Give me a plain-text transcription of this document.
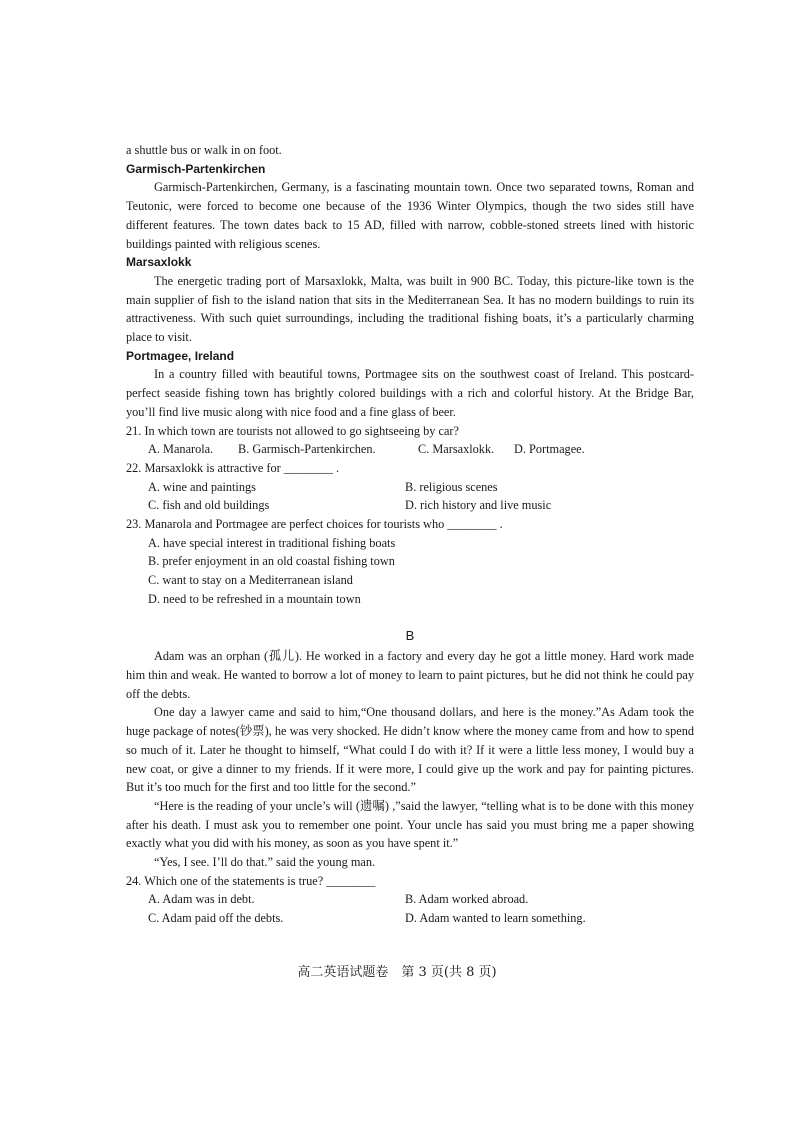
a shuttle bus or walk in on foot.

Garmisch-Partenkirchen

Garmisch-Partenkirchen, Germany, is a fascinating mountain town. Once two separated towns, Roman and Teutonic, were forced to become one because of the 1936 Winter Olympics, though the two sides still have different features. The town dates back to 15 AD, filled with narrow, cobble-stoned streets lined with historic buildings painted with religious scenes.

Marsaxlokk

The energetic trading port of Marsaxlokk, Malta, was built in 900 BC. Today, this picture-like town is the main supplier of fish to the island nation that sits in the Mediterranean Sea. It has no modern buildings to ruin its attractiveness. With such quiet surroundings, including the traditional fishing boats, it’s a particularly charming place to visit.

Portmagee, Ireland

In a country filled with beautiful towns, Portmagee sits on the southwest coast of Ireland. This postcard-perfect seaside fishing town has brightly colored buildings with a rich and colorful history. At the Bridge Bar, you’ll find live music along with nice food and a fine glass of beer.

21. In which town are tourists not allowed to go sightseeing by car?

A. Manarola.	B. Garmisch-Partenkirchen.	C. Marsaxlokk.	D. Portmagee.

22. Marsaxlokk is attractive for ________ .

A. wine and paintings	B. religious scenes
C. fish and old buildings	D. rich history and live music

23. Manarola and Portmagee are perfect choices for tourists who ________ .

A. have special interest in traditional fishing boats
B. prefer enjoyment in an old coastal fishing town
C. want to stay on a Mediterranean island
D. need to be refreshed in a mountain town
B

Adam was an orphan (孤儿). He worked in a factory and every day he got a little money. Hard work made him thin and weak. He wanted to borrow a lot of money to learn to paint pictures, but he did not think he could pay off the debts.

One day a lawyer came and said to him,“One thousand dollars, and here is the money.”As Adam took the huge package of notes(钞票), he was very shocked. He didn’t know where the money came from and how to spend so much of it. Later he thought to himself, “What could I do with it? If it were a little less money, I would buy a new coat, or give a dinner to my friends. If it were more, I could give up the work and pay for painting pictures. But it’s too much for the first and too little for the second.”

“Here is the reading of your uncle’s will (遗嘱) ,”said the lawyer, “telling what is to be done with this money after his death. I must ask you to remember one point. Your uncle has said you must bring me a paper showing exactly what you did with his money, as soon as you have spent it.”

“Yes, I see. I’ll do that.” said the young man.

24. Which one of the statements is true? ________

A. Adam was in debt.	B. Adam worked abroad.
C. Adam paid off the debts.	D. Adam wanted to learn something.
高二英语试题卷　第 3 页(共 8 页)
